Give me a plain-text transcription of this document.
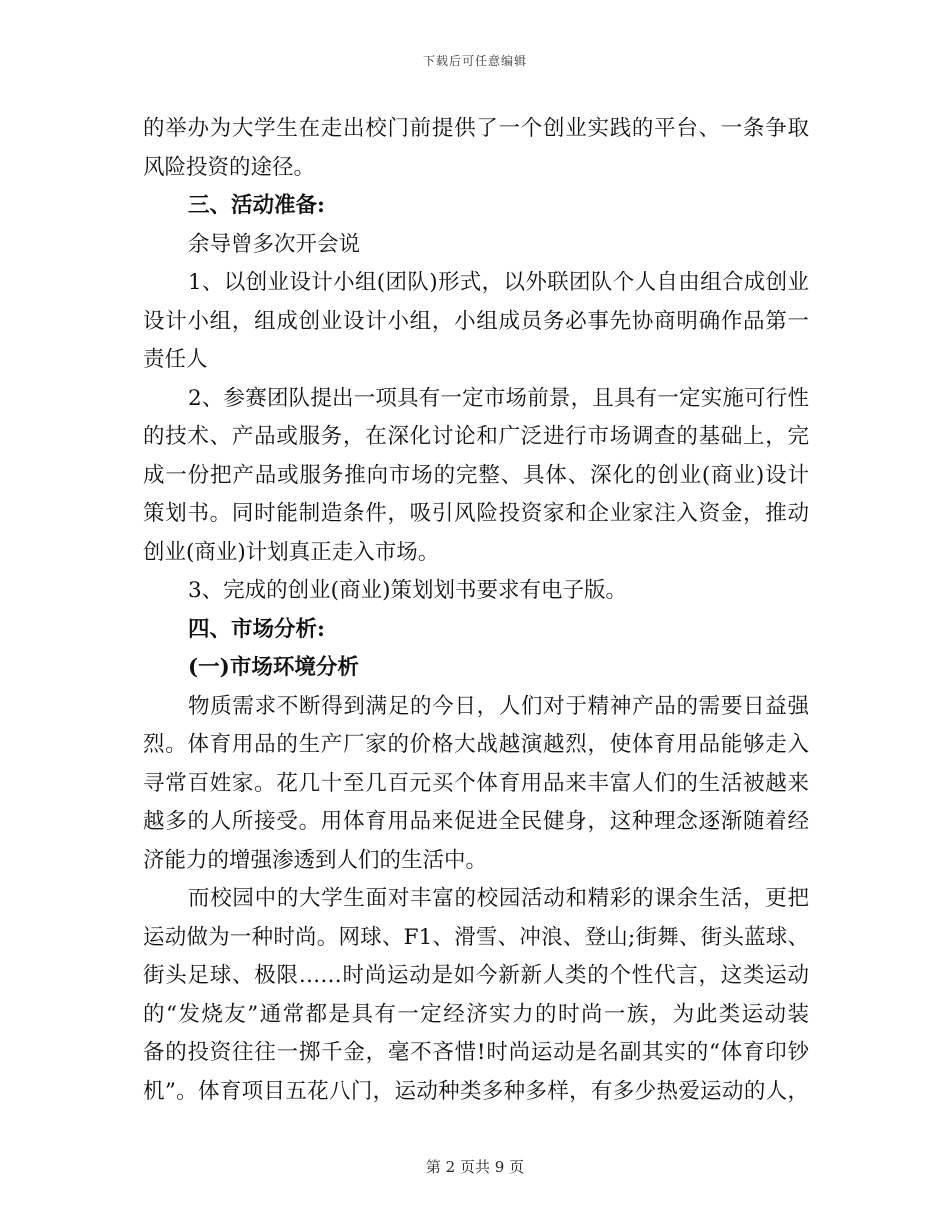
下载后可任意编辑
的举办为大学生在走出校门前提供了一个创业实践的平台、一条争取
风险投资的途径。
三、活动准备:
余导曾多次开会说
1、以创业设计小组(团队)形式，以外联团队个人自由组合成创业
设计小组，组成创业设计小组，小组成员务必事先协商明确作品第一
责任人
2、参赛团队提出一项具有一定市场前景，且具有一定实施可行性
的技术、产品或服务，在深化讨论和广泛进行市场调查的基础上，完
成一份把产品或服务推向市场的完整、具体、深化的创业(商业)设计
策划书。同时能制造条件，吸引风险投资家和企业家注入资金，推动
创业(商业)计划真正走入市场。
3、完成的创业(商业)策划划书要求有电子版。
四、市场分析:
(一)市场环境分析
物质需求不断得到满足的今日，人们对于精神产品的需要日益强
烈。体育用品的生产厂家的价格大战越演越烈，使体育用品能够走入
寻常百姓家。花几十至几百元买个体育用品来丰富人们的生活被越来
越多的人所接受。用体育用品来促进全民健身，这种理念逐渐随着经
济能力的增强渗透到人们的生活中。
而校园中的大学生面对丰富的校园活动和精彩的课余生活，更把
运动做为一种时尚。网球、F1、滑雪、冲浪、登山;街舞、街头蓝球、
街头足球、极限……时尚运动是如今新新人类的个性代言，这类运动
的“发烧友”通常都是具有一定经济实力的时尚一族，为此类运动装
备的投资往往一掷千金，毫不吝惜!时尚运动是名副其实的“体育印钞
机”。体育项目五花八门，运动种类多种多样，有多少热爱运动的人，
第 2 页共 9 页
